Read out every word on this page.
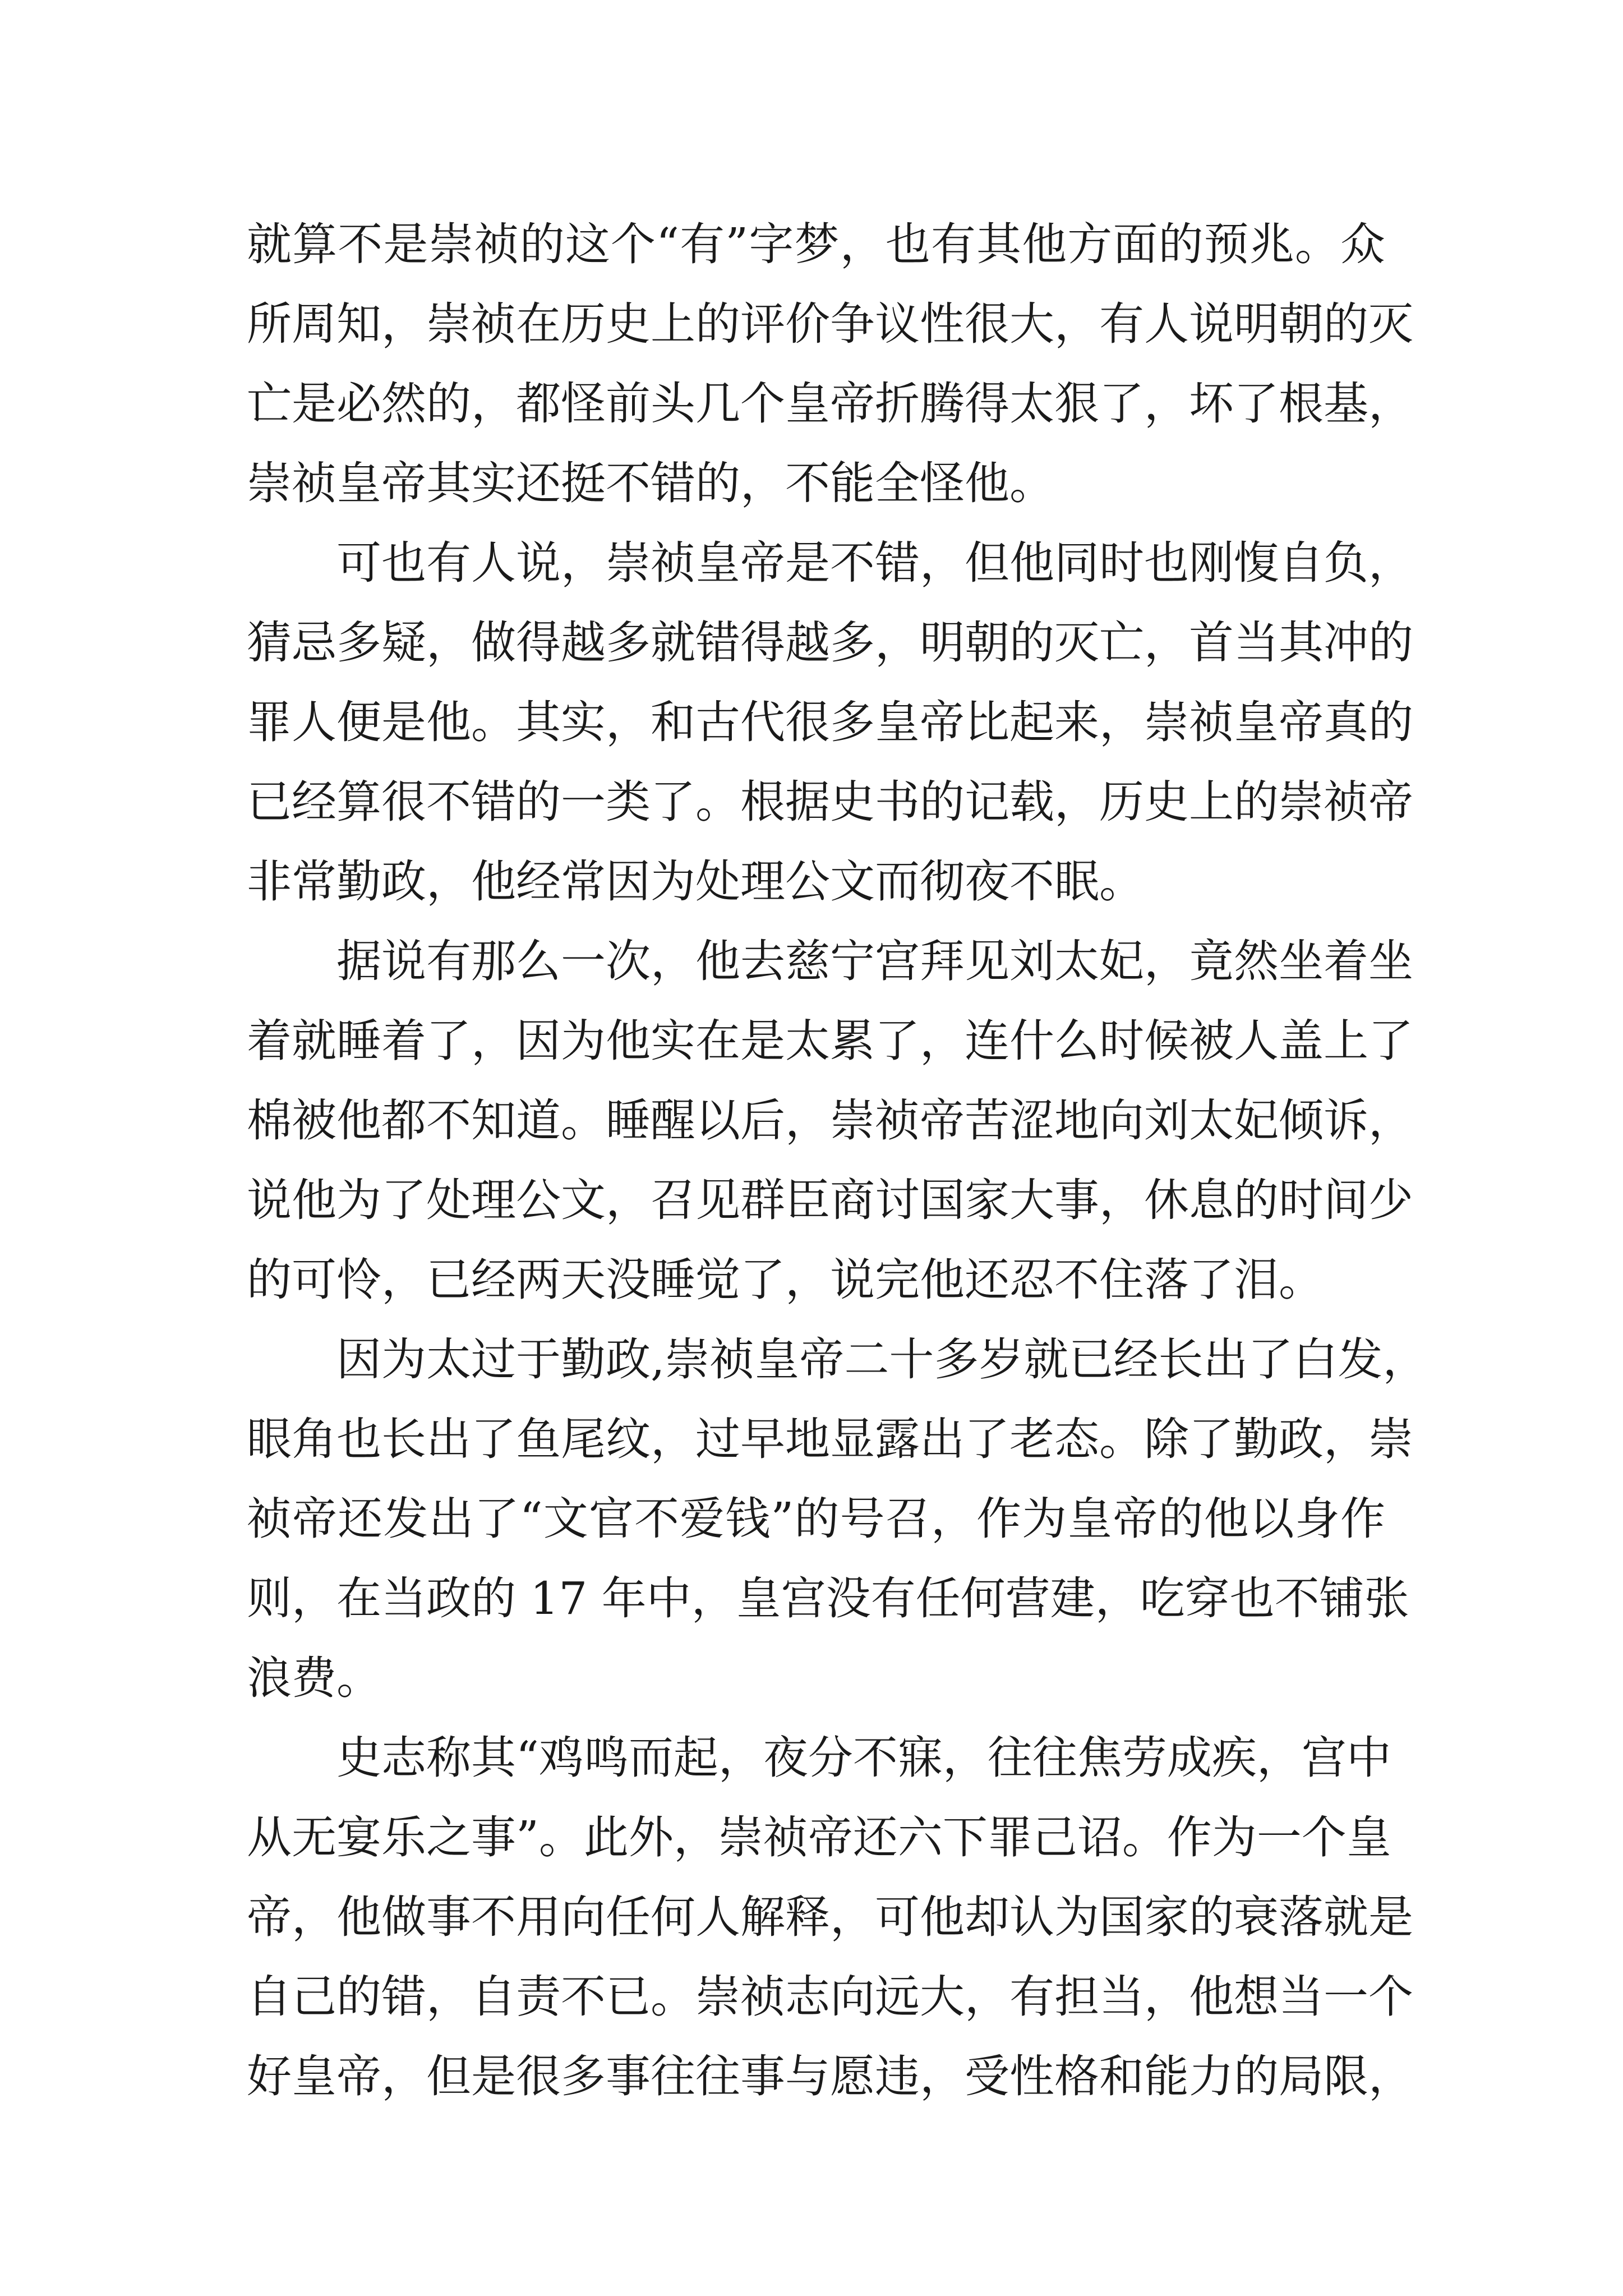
就算不是崇祯的这个“有”字梦，也有其他方面的预兆。众
所周知，崇祯在历史上的评价争议性很大，有人说明朝的灭
亡是必然的，都怪前头几个皇帝折腾得太狠了，坏了根基，
崇祯皇帝其实还挺不错的，不能全怪他。
可也有人说，崇祯皇帝是不错，但他同时也刚愎自负，
猜忌多疑，做得越多就错得越多，明朝的灭亡，首当其冲的
罪人便是他。其实，和古代很多皇帝比起来，崇祯皇帝真的
已经算很不错的一类了。根据史书的记载，历史上的崇祯帝
非常勤政，他经常因为处理公文而彻夜不眠。
据说有那么一次，他去慈宁宫拜见刘太妃，竟然坐着坐
着就睡着了，因为他实在是太累了，连什么时候被人盖上了
棉被他都不知道。睡醒以后，崇祯帝苦涩地向刘太妃倾诉，
说他为了处理公文，召见群臣商讨国家大事，休息的时间少
的可怜，已经两天没睡觉了，说完他还忍不住落了泪。
因为太过于勤政,崇祯皇帝二十多岁就已经长出了白发，
眼角也长出了鱼尾纹，过早地显露出了老态。除了勤政，崇
祯帝还发出了“文官不爱钱”的号召，作为皇帝的他以身作
则，在当政的 17 年中，皇宫没有任何营建，吃穿也不铺张
浪费。
史志称其“鸡鸣而起，夜分不寐，往往焦劳成疾，宫中
从无宴乐之事”。此外，崇祯帝还六下罪己诏。作为一个皇
帝，他做事不用向任何人解释，可他却认为国家的衰落就是
自己的错，自责不已。崇祯志向远大，有担当，他想当一个
好皇帝，但是很多事往往事与愿违，受性格和能力的局限，
